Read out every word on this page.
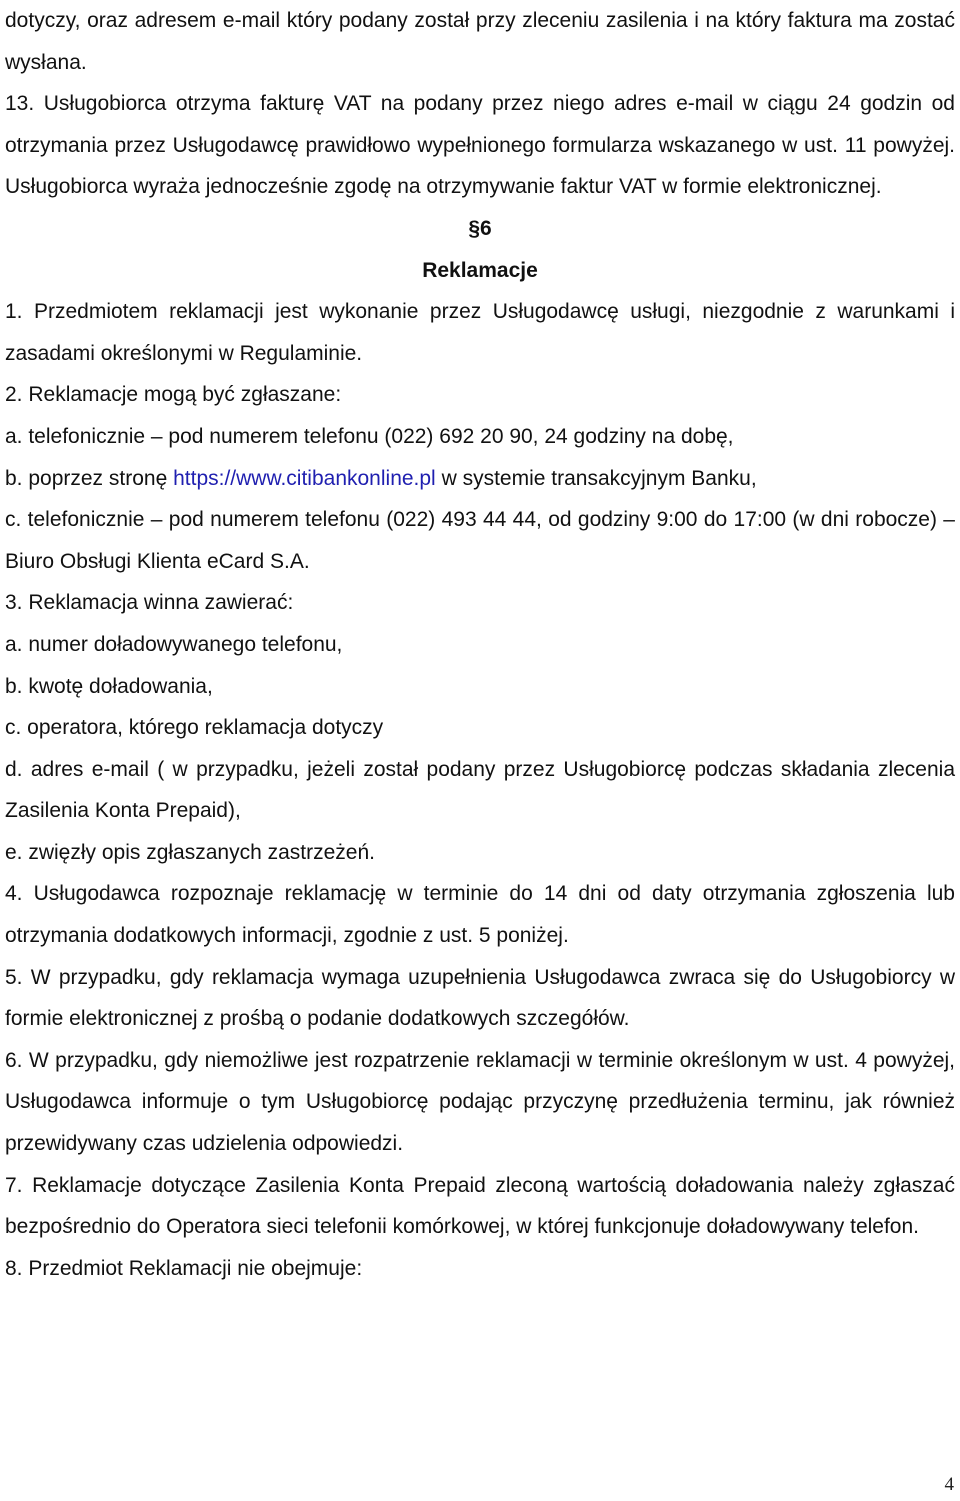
dotyczy, oraz adresem e-mail który podany został przy zleceniu zasilenia i na który faktura ma zostać wysłana.

13. Usługobiorca otrzyma fakturę VAT na podany przez niego adres e-mail w ciągu 24 godzin od otrzymania przez Usługodawcę prawidłowo wypełnionego formularza wskazanego w ust. 11 powyżej. Usługobiorca wyraża jednocześnie zgodę na otrzymywanie faktur VAT w formie elektronicznej.

§6

Reklamacje

1. Przedmiotem reklamacji jest wykonanie przez Usługodawcę usługi, niezgodnie z warunkami i zasadami określonymi w Regulaminie.

2. Reklamacje mogą być zgłaszane:

a. telefonicznie – pod numerem telefonu (022) 692 20 90, 24 godziny na dobę,

b. poprzez stronę https://www.citibankonline.pl w systemie transakcyjnym Banku,

c. telefonicznie – pod numerem telefonu (022) 493 44 44, od godziny 9:00 do 17:00 (w dni robocze) – Biuro Obsługi Klienta eCard S.A.

3. Reklamacja winna zawierać:

a. numer doładowywanego telefonu,

b. kwotę doładowania,

c. operatora, którego reklamacja dotyczy

d. adres e-mail ( w przypadku, jeżeli został podany przez Usługobiorcę podczas składania zlecenia Zasilenia Konta Prepaid),

e. zwięzły opis zgłaszanych zastrzeżeń.

4. Usługodawca rozpoznaje reklamację w terminie do 14 dni od daty otrzymania zgłoszenia lub otrzymania dodatkowych informacji, zgodnie z ust. 5 poniżej.

5. W przypadku, gdy reklamacja wymaga uzupełnienia Usługodawca zwraca się do Usługobiorcy w formie elektronicznej z prośbą o podanie dodatkowych szczegółów.

6. W przypadku, gdy niemożliwe jest rozpatrzenie reklamacji w terminie określonym w ust. 4 powyżej, Usługodawca informuje o tym Usługobiorcę podając przyczynę przedłużenia terminu, jak również przewidywany czas udzielenia odpowiedzi.

7. Reklamacje dotyczące Zasilenia Konta Prepaid zleconą wartością doładowania należy zgłaszać bezpośrednio do Operatora sieci telefonii komórkowej, w której funkcjonuje doładowywany telefon.

8. Przedmiot Reklamacji nie obejmuje:

4
